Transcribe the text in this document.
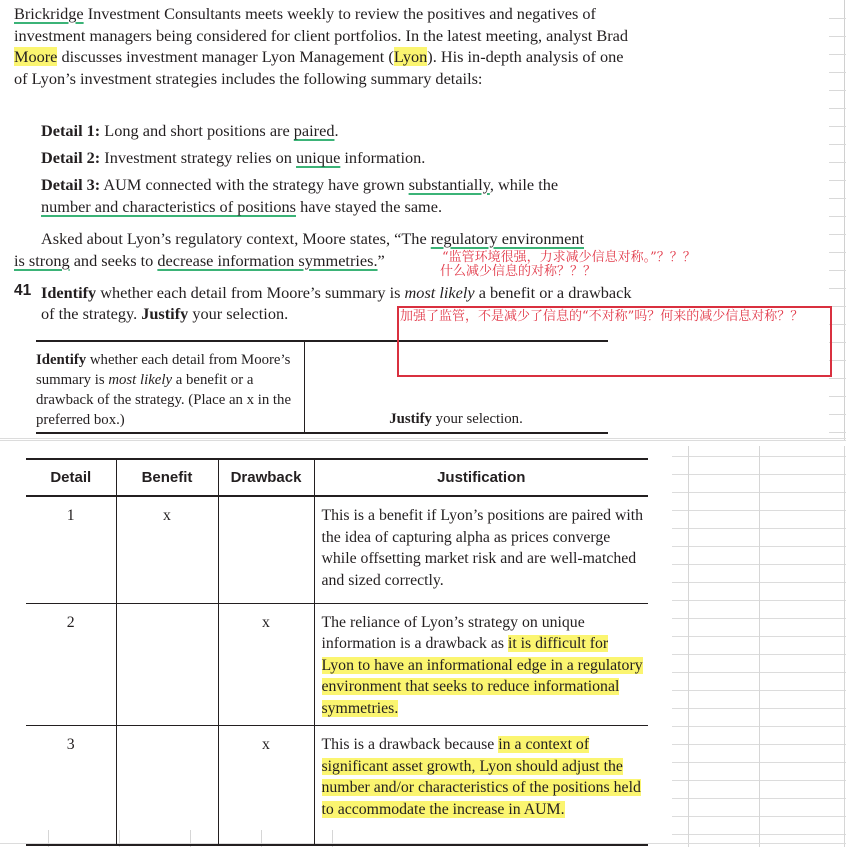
Brickridge Investment Consultants meets weekly to review the positives and negatives of investment managers being considered for client portfolios. In the latest meeting, analyst Brad Moore discusses investment manager Lyon Management (Lyon). His in-depth analysis of one of Lyon’s investment strategies includes the following summary details:
Detail 1: Long and short positions are paired.
Detail 2: Investment strategy relies on unique information.
Detail 3: AUM connected with the strategy have grown substantially, while the
number and characteristics of positions have stayed the same.
Asked about Lyon’s regulatory context, Moore states, “The regulatory environment
is strong and seeks to decrease information symmetries.”	“监管环境很强，力求减少信息对称。”？？？
什么减少信息的对称？？？
41 Identify whether each detail from Moore’s summary is most likely a benefit or a drawback of the strategy. Justify your selection.
Identify whether each detail from Moore’s summary is most likely a benefit or a drawback of the strategy. (Place an x in the preferred box.)	Justify your selection.
加强了监管，不是减少了信息的“不对称”吗？何来的减少信息对称？？
Detail	Benefit	Drawback	Justification
1	x		This is a benefit if Lyon’s positions are paired with the idea of capturing alpha as prices converge while offsetting market risk and are well-matched and sized correctly.
2		x	The reliance of Lyon’s strategy on unique information is a drawback as it is difficult for Lyon to have an informational edge in a regulatory environment that seeks to reduce informational symmetries.
3		x	This is a drawback because in a context of significant asset growth, Lyon should adjust the number and/or characteristics of the positions held to accommodate the increase in AUM.
